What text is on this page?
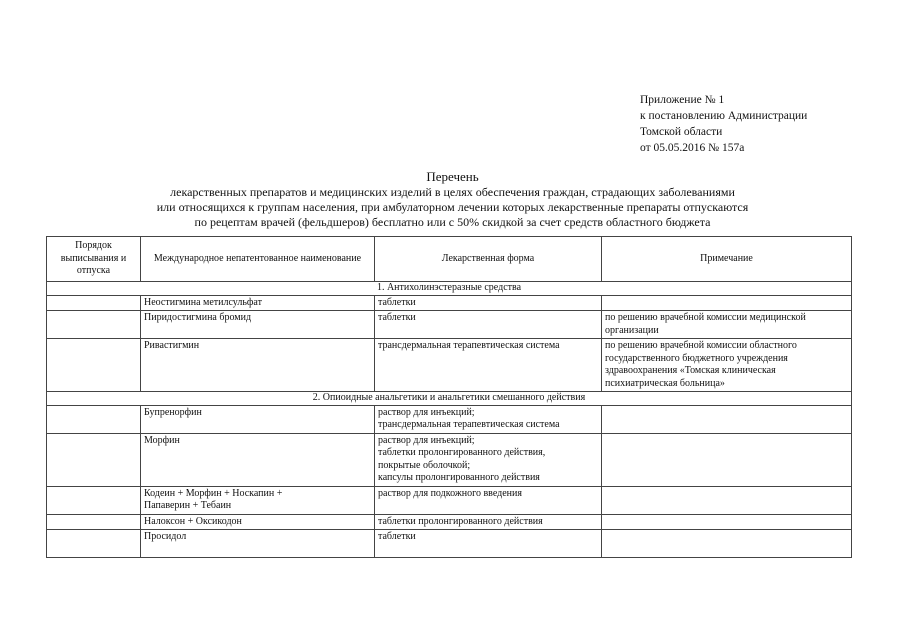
Приложение № 1
к постановлению Администрации
Томской области
от 05.05.2016 № 157а
Перечень
лекарственных препаратов и медицинских изделий в целях обеспечения граждан, страдающих заболеваниями
или относящихся к группам населения, при амбулаторном лечении которых лекарственные препараты отпускаются
по рецептам врачей (фельдшеров) бесплатно или с 50% скидкой за счет средств областного бюджета
Порядок выписывания и отпуска	Международное непатентованное наименование	Лекарственная форма	Примечание
1. Антихолинэстеразные средства			
	Неостигмина метилсульфат	таблетки	
	Пиридостигмина бромид	таблетки	по решению врачебной комиссии медицинской организации
	Ривастигмин	трансдермальная терапевтическая система	по решению врачебной комиссии областного государственного бюджетного учреждения здравоохранения «Томская клиническая психиатрическая больница»
2. Опиоидные анальгетики и анальгетики смешанного действия			
	Бупренорфин	раствор для инъекций;
трансдермальная терапевтическая система	
	Морфин	раствор для инъекций;
таблетки пролонгированного действия,
покрытые оболочкой;
капсулы пролонгированного действия	
	Кодеин + Морфин + Носкапин +
Папаверин + Тебаин	раствор для подкожного введения	
	Налоксон + Оксикодон	таблетки пролонгированного действия	
	Просидол	таблетки	
